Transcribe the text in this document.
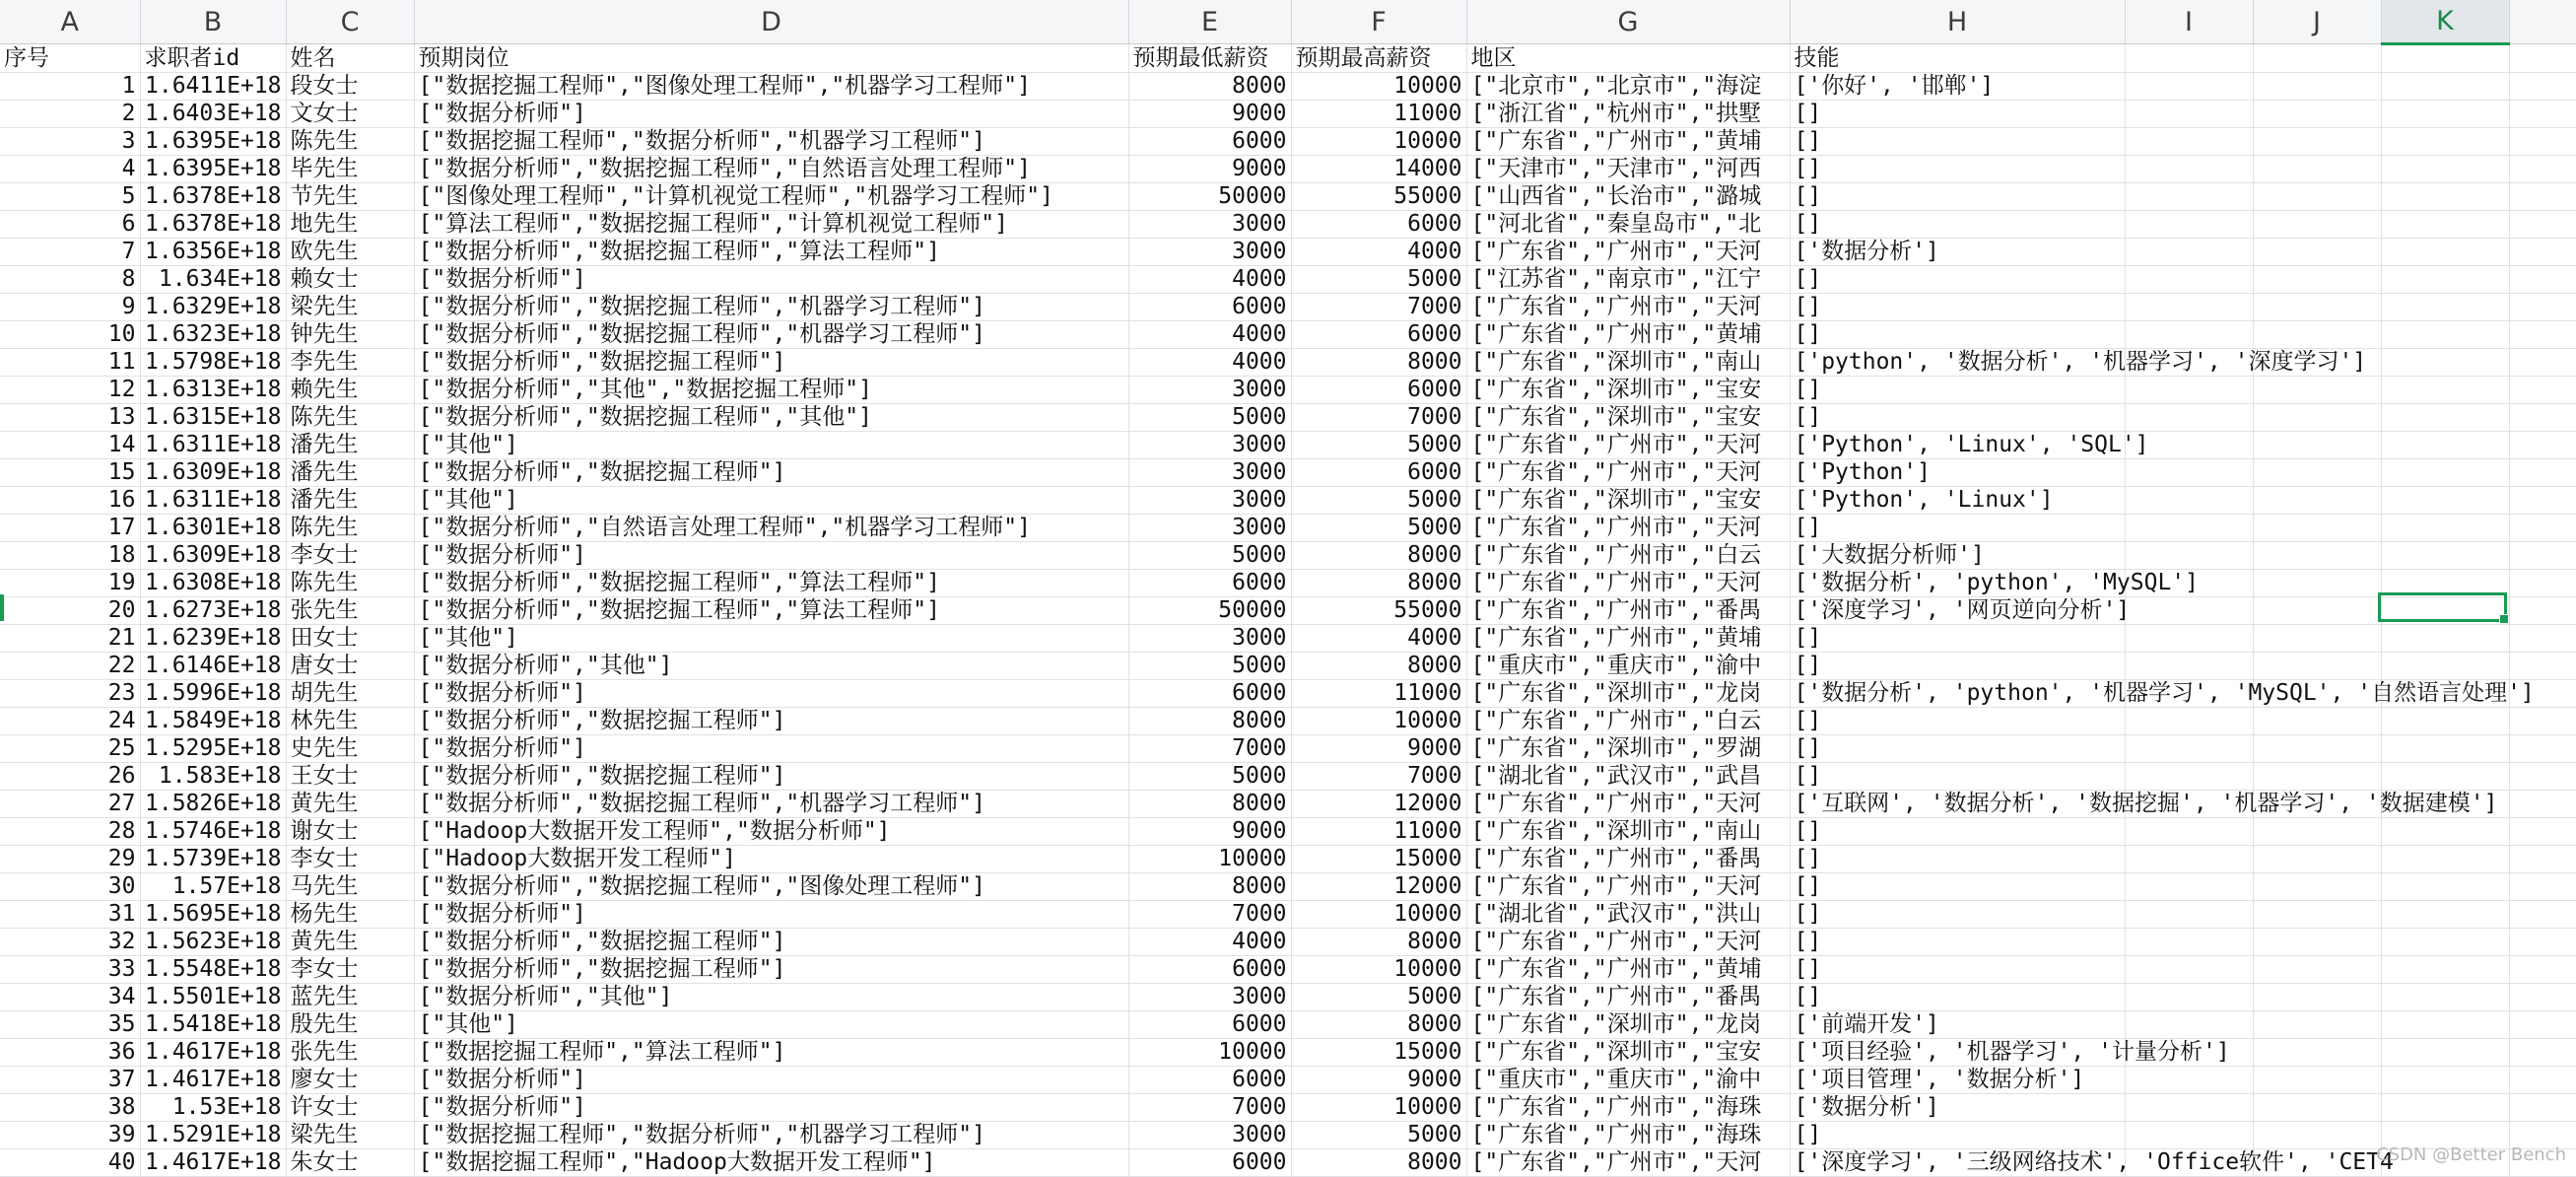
A	B	C	D	E	F	G	H	I	J	K	
序号	求职者id	姓名	预期岗位	预期最低薪资	预期最高薪资	地区	技能				
1	1.6411E+18	段女士	["数据挖掘工程师","图像处理工程师","机器学习工程师"]	8000	10000	["北京市","北京市","海淀	['你好', '邯郸']				
2	1.6403E+18	文女士	["数据分析师"]	9000	11000	["浙江省","杭州市","拱墅	[]				
3	1.6395E+18	陈先生	["数据挖掘工程师","数据分析师","机器学习工程师"]	6000	10000	["广东省","广州市","黄埔	[]				
4	1.6395E+18	毕先生	["数据分析师","数据挖掘工程师","自然语言处理工程师"]	9000	14000	["天津市","天津市","河西	[]				
5	1.6378E+18	节先生	["图像处理工程师","计算机视觉工程师","机器学习工程师"]	50000	55000	["山西省","长治市","潞城	[]				
6	1.6378E+18	地先生	["算法工程师","数据挖掘工程师","计算机视觉工程师"]	3000	6000	["河北省","秦皇岛市","北	[]				
7	1.6356E+18	欧先生	["数据分析师","数据挖掘工程师","算法工程师"]	3000	4000	["广东省","广州市","天河	['数据分析']				
8	1.634E+18	赖女士	["数据分析师"]	4000	5000	["江苏省","南京市","江宁	[]				
9	1.6329E+18	梁先生	["数据分析师","数据挖掘工程师","机器学习工程师"]	6000	7000	["广东省","广州市","天河	[]				
10	1.6323E+18	钟先生	["数据分析师","数据挖掘工程师","机器学习工程师"]	4000	6000	["广东省","广州市","黄埔	[]				
11	1.5798E+18	李先生	["数据分析师","数据挖掘工程师"]	4000	8000	["广东省","深圳市","南山	['python', '数据分析', '机器学习', '深度学习']				
12	1.6313E+18	赖先生	["数据分析师","其他","数据挖掘工程师"]	3000	6000	["广东省","深圳市","宝安	[]				
13	1.6315E+18	陈先生	["数据分析师","数据挖掘工程师","其他"]	5000	7000	["广东省","深圳市","宝安	[]				
14	1.6311E+18	潘先生	["其他"]	3000	5000	["广东省","广州市","天河	['Python', 'Linux', 'SQL']				
15	1.6309E+18	潘先生	["数据分析师","数据挖掘工程师"]	3000	6000	["广东省","广州市","天河	['Python']				
16	1.6311E+18	潘先生	["其他"]	3000	5000	["广东省","深圳市","宝安	['Python', 'Linux']				
17	1.6301E+18	陈先生	["数据分析师","自然语言处理工程师","机器学习工程师"]	3000	5000	["广东省","广州市","天河	[]				
18	1.6309E+18	李女士	["数据分析师"]	5000	8000	["广东省","广州市","白云	['大数据分析师']				
19	1.6308E+18	陈先生	["数据分析师","数据挖掘工程师","算法工程师"]	6000	8000	["广东省","广州市","天河	['数据分析', 'python', 'MySQL']				
20	1.6273E+18	张先生	["数据分析师","数据挖掘工程师","算法工程师"]	50000	55000	["广东省","广州市","番禺	['深度学习', '网页逆向分析']				
21	1.6239E+18	田女士	["其他"]	3000	4000	["广东省","广州市","黄埔	[]				
22	1.6146E+18	唐女士	["数据分析师","其他"]	5000	8000	["重庆市","重庆市","渝中	[]				
23	1.5996E+18	胡先生	["数据分析师"]	6000	11000	["广东省","深圳市","龙岗	['数据分析', 'python', '机器学习', 'MySQL', '自然语言处理']				
24	1.5849E+18	林先生	["数据分析师","数据挖掘工程师"]	8000	10000	["广东省","广州市","白云	[]				
25	1.5295E+18	史先生	["数据分析师"]	7000	9000	["广东省","深圳市","罗湖	[]				
26	1.583E+18	王女士	["数据分析师","数据挖掘工程师"]	5000	7000	["湖北省","武汉市","武昌	[]				
27	1.5826E+18	黄先生	["数据分析师","数据挖掘工程师","机器学习工程师"]	8000	12000	["广东省","广州市","天河	['互联网', '数据分析', '数据挖掘', '机器学习', '数据建模']				
28	1.5746E+18	谢女士	["Hadoop大数据开发工程师","数据分析师"]	9000	11000	["广东省","深圳市","南山	[]				
29	1.5739E+18	李女士	["Hadoop大数据开发工程师"]	10000	15000	["广东省","广州市","番禺	[]				
30	1.57E+18	马先生	["数据分析师","数据挖掘工程师","图像处理工程师"]	8000	12000	["广东省","广州市","天河	[]				
31	1.5695E+18	杨先生	["数据分析师"]	7000	10000	["湖北省","武汉市","洪山	[]				
32	1.5623E+18	黄先生	["数据分析师","数据挖掘工程师"]	4000	8000	["广东省","广州市","天河	[]				
33	1.5548E+18	李女士	["数据分析师","数据挖掘工程师"]	6000	10000	["广东省","广州市","黄埔	[]				
34	1.5501E+18	蓝先生	["数据分析师","其他"]	3000	5000	["广东省","广州市","番禺	[]				
35	1.5418E+18	殷先生	["其他"]	6000	8000	["广东省","深圳市","龙岗	['前端开发']				
36	1.4617E+18	张先生	["数据挖掘工程师","算法工程师"]	10000	15000	["广东省","深圳市","宝安	['项目经验', '机器学习', '计量分析']				
37	1.4617E+18	廖女士	["数据分析师"]	6000	9000	["重庆市","重庆市","渝中	['项目管理', '数据分析']				
38	1.53E+18	许女士	["数据分析师"]	7000	10000	["广东省","广州市","海珠	['数据分析']				
39	1.5291E+18	梁先生	["数据挖掘工程师","数据分析师","机器学习工程师"]	3000	5000	["广东省","广州市","海珠	[]				
40	1.4617E+18	朱女士	["数据挖掘工程师","Hadoop大数据开发工程师"]	6000	8000	["广东省","广州市","天河	['深度学习', '三级网络技术', 'Office软件', 'CET4				
CSDN @Better Bench
